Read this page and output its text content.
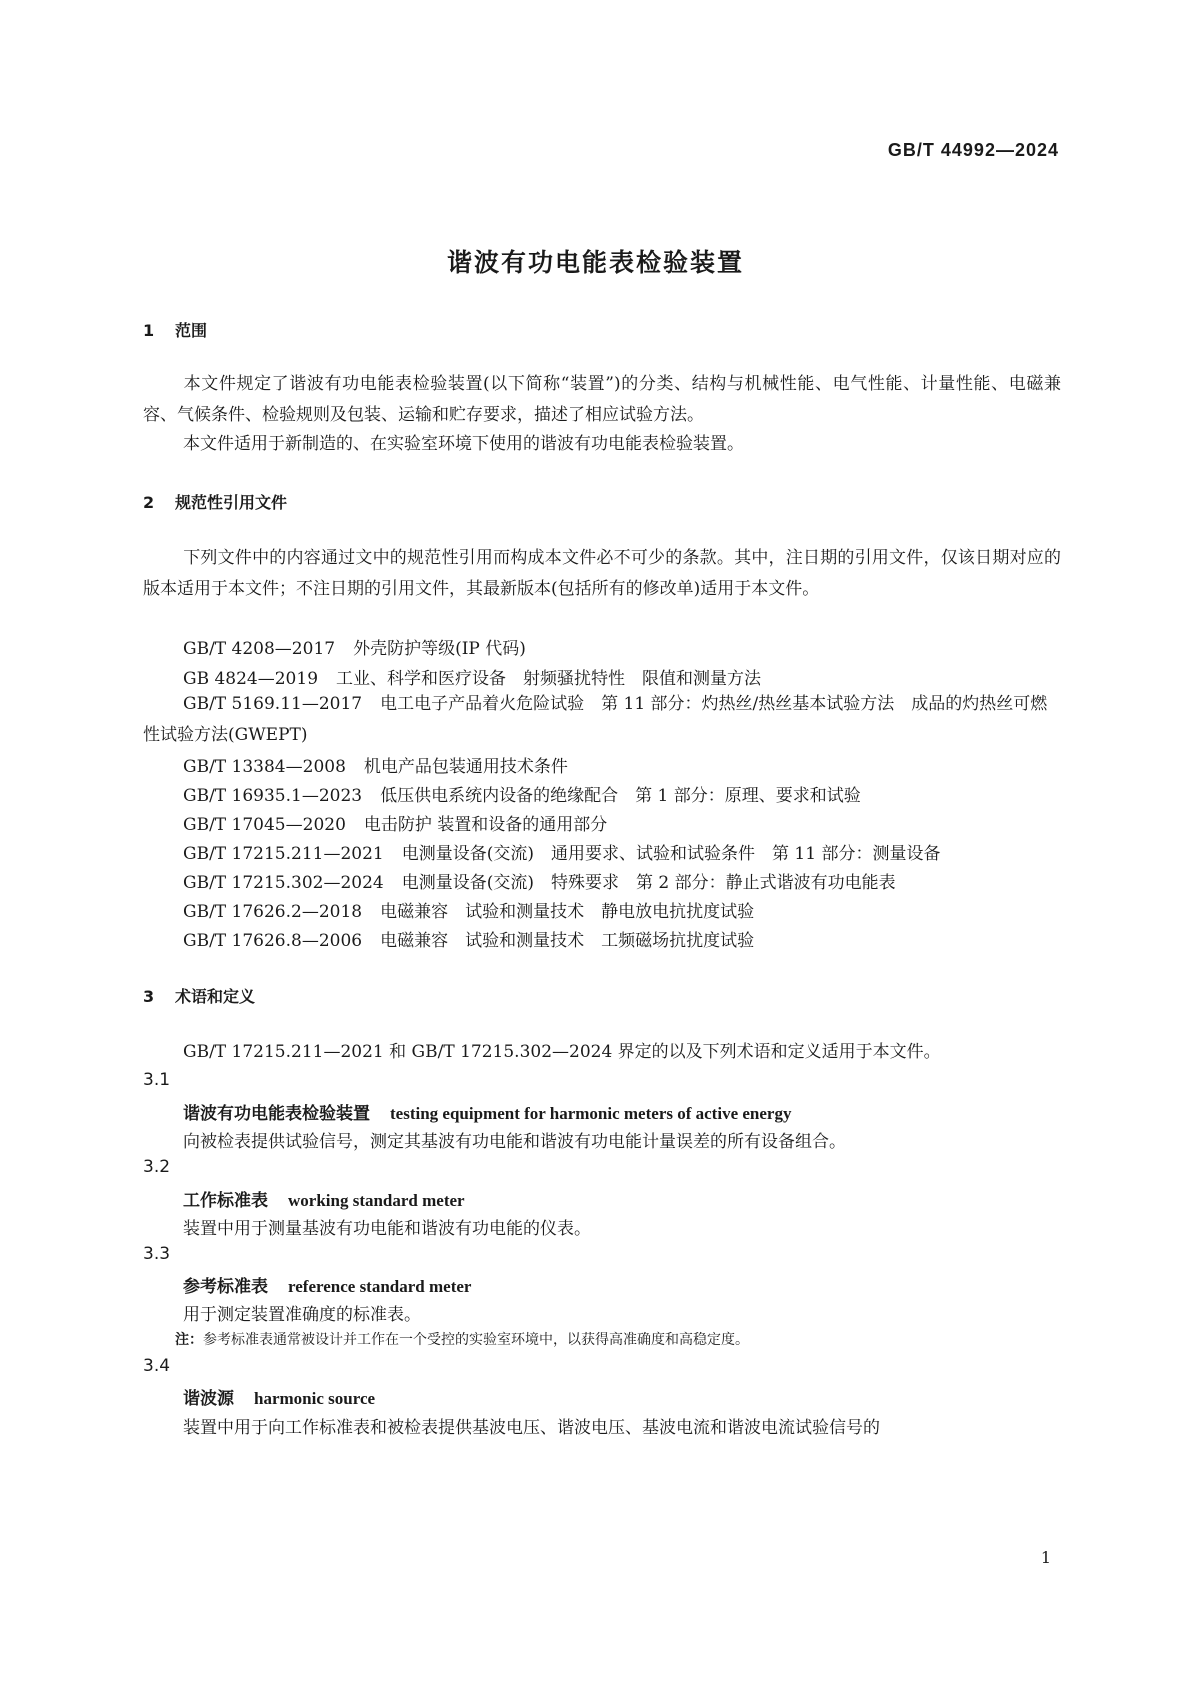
GB/T 44992—2024
谐波有功电能表检验装置
1 范围
本文件规定了谐波有功电能表检验装置(以下简称“装置”)的分类、结构与机械性能、电气性能、计量性能、电磁兼容、气候条件、检验规则及包装、运输和贮存要求，描述了相应试验方法。
本文件适用于新制造的、在实验室环境下使用的谐波有功电能表检验装置。
2 规范性引用文件
下列文件中的内容通过文中的规范性引用而构成本文件必不可少的条款。其中，注日期的引用文件，仅该日期对应的版本适用于本文件；不注日期的引用文件，其最新版本(包括所有的修改单)适用于本文件。
GB/T 4208—2017 外壳防护等级(IP 代码)
GB 4824—2019 工业、科学和医疗设备　射频骚扰特性　限值和测量方法
GB/T 5169.11—2017 电工电子产品着火危险试验　第 11 部分：灼热丝/热丝基本试验方法　成品的灼热丝可燃性试验方法(GWEPT)
GB/T 13384—2008 机电产品包装通用技术条件
GB/T 16935.1—2023 低压供电系统内设备的绝缘配合　第 1 部分：原理、要求和试验
GB/T 17045—2020 电击防护 装置和设备的通用部分
GB/T 17215.211—2021 电测量设备(交流)　通用要求、试验和试验条件　第 11 部分：测量设备
GB/T 17215.302—2024 电测量设备(交流)　特殊要求　第 2 部分：静止式谐波有功电能表
GB/T 17626.2—2018 电磁兼容　试验和测量技术　静电放电抗扰度试验
GB/T 17626.8—2006 电磁兼容　试验和测量技术　工频磁场抗扰度试验
3 术语和定义
GB/T 17215.211—2021 和 GB/T 17215.302—2024 界定的以及下列术语和定义适用于本文件。
3.1
谐波有功电能表检验装置 testing equipment for harmonic meters of active energy
向被检表提供试验信号，测定其基波有功电能和谐波有功电能计量误差的所有设备组合。
3.2
工作标准表 working standard meter
装置中用于测量基波有功电能和谐波有功电能的仪表。
3.3
参考标准表 reference standard meter
用于测定装置准确度的标准表。
注：参考标准表通常被设计并工作在一个受控的实验室环境中，以获得高准确度和高稳定度。
3.4
谐波源 harmonic source
装置中用于向工作标准表和被检表提供基波电压、谐波电压、基波电流和谐波电流试验信号的
1
